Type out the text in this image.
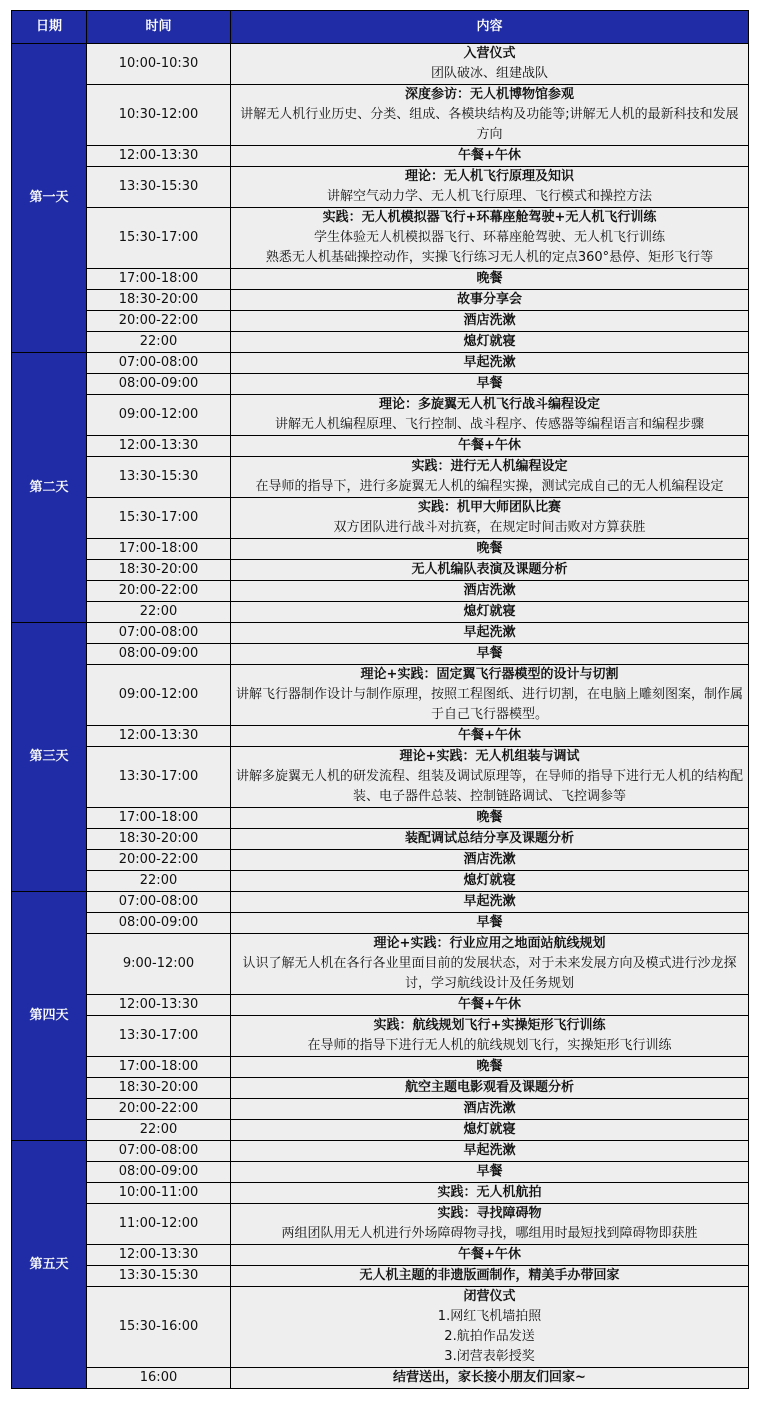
日期	时间	内容
第一天	10:00-10:30	入营仪式
团队破冰、组建战队

	10:30-12:00	深度参访：无人机博物馆参观
讲解无人机行业历史、分类、组成、各模块结构及功能等;讲解无人机的最新科技和发展方向

	12:00-13:30	午餐+午休

	13:30-15:30	理论：无人机飞行原理及知识
讲解空气动力学、无人机飞行原理、飞行模式和操控方法

	15:30-17:00	实践：无人机模拟器飞行+环幕座舱驾驶+无人机飞行训练
学生体验无人机模拟器飞行、环幕座舱驾驶、无人机飞行训练
熟悉无人机基础操控动作，实操飞行练习无人机的定点360°悬停、矩形飞行等

	17:00-18:00	晚餐

	18:30-20:00	故事分享会

	20:00-22:00	酒店洗漱

	22:00	熄灯就寝

第二天	07:00-08:00	早起洗漱

	08:00-09:00	早餐

	09:00-12:00	理论：多旋翼无人机飞行战斗编程设定
讲解无人机编程原理、飞行控制、战斗程序、传感器等编程语言和编程步骤

	12:00-13:30	午餐+午休

	13:30-15:30	实践：进行无人机编程设定
在导师的指导下，进行多旋翼无人机的编程实操，测试完成自己的无人机编程设定

	15:30-17:00	实践：机甲大师团队比赛
双方团队进行战斗对抗赛，在规定时间击败对方算获胜

	17:00-18:00	晚餐

	18:30-20:00	无人机编队表演及课题分析

	20:00-22:00	酒店洗漱

	22:00	熄灯就寝

第三天	07:00-08:00	早起洗漱

	08:00-09:00	早餐

	09:00-12:00	理论+实践：固定翼飞行器模型的设计与切割
讲解飞行器制作设计与制作原理，按照工程图纸、进行切割，在电脑上雕刻图案，制作属于自己飞行器模型。

	12:00-13:30	午餐+午休

	13:30-17:00	理论+实践：无人机组装与调试
讲解多旋翼无人机的研发流程、组装及调试原理等，在导师的指导下进行无人机的结构配装、电子器件总装、控制链路调试、飞控调参等

	17:00-18:00	晚餐

	18:30-20:00	装配调试总结分享及课题分析

	20:00-22:00	酒店洗漱

	22:00	熄灯就寝

第四天	07:00-08:00	早起洗漱

	08:00-09:00	早餐

	9:00-12:00	理论+实践：行业应用之地面站航线规划
认识了解无人机在各行各业里面目前的发展状态，对于未来发展方向及模式进行沙龙探讨，学习航线设计及任务规划

	12:00-13:30	午餐+午休

	13:30-17:00	实践：航线规划飞行+实操矩形飞行训练
在导师的指导下进行无人机的航线规划飞行，实操矩形飞行训练

	17:00-18:00	晚餐

	18:30-20:00	航空主题电影观看及课题分析

	20:00-22:00	酒店洗漱

	22:00	熄灯就寝

第五天	07:00-08:00	早起洗漱

	08:00-09:00	早餐

	10:00-11:00	实践：无人机航拍

	11:00-12:00	实践：寻找障碍物
两组团队用无人机进行外场障碍物寻找，哪组用时最短找到障碍物即获胜

	12:00-13:30	午餐+午休

	13:30-15:30	无人机主题的非遗版画制作，精美手办带回家

	15:30-16:00	闭营仪式
1.网红飞机墙拍照
2.航拍作品发送
3.闭营表彰授奖

	16:00	结营送出，家长接小朋友们回家~
